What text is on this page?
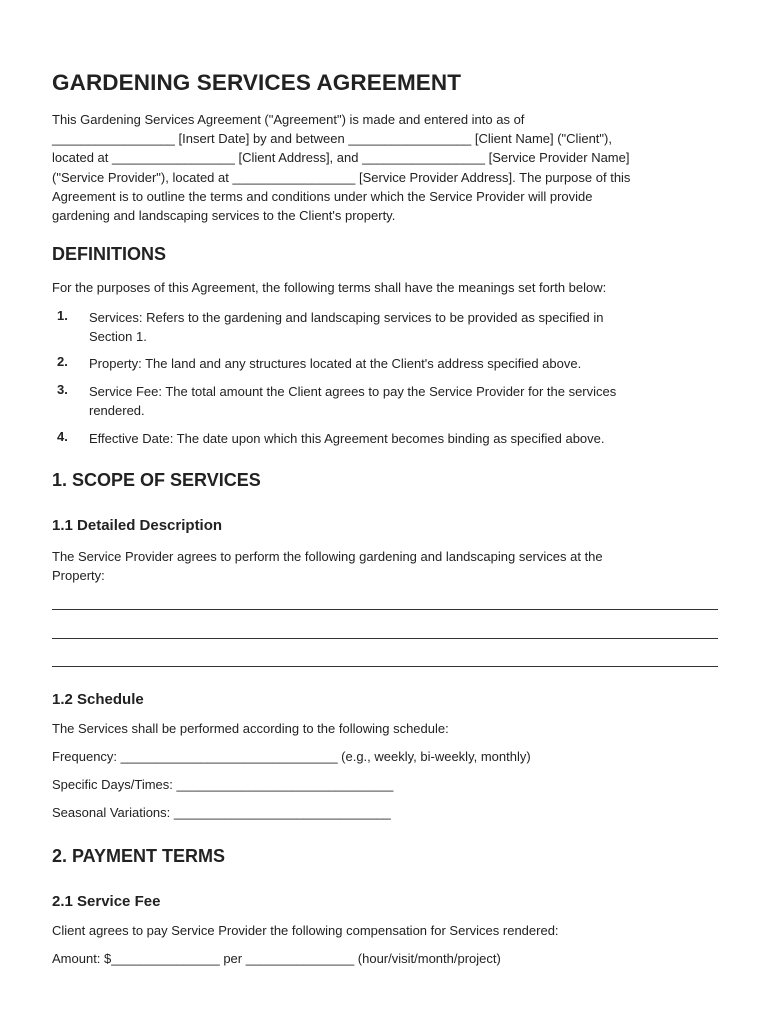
GARDENING SERVICES AGREEMENT

This Gardening Services Agreement ("Agreement") is made and entered into as of
_________________ [Insert Date] by and between _________________ [Client Name] ("Client"),
located at _________________ [Client Address], and _________________ [Service Provider Name]
("Service Provider"), located at _________________ [Service Provider Address]. The purpose of this
Agreement is to outline the terms and conditions under which the Service Provider will provide
gardening and landscaping services to the Client's property.

DEFINITIONS
For the purposes of this Agreement, the following terms shall have the meanings set forth below:
1. Services: Refers to the gardening and landscaping services to be provided as specified in
Section 1.
2. Property: The land and any structures located at the Client's address specified above.
3. Service Fee: The total amount the Client agrees to pay the Service Provider for the services
rendered.
4. Effective Date: The date upon which this Agreement becomes binding as specified above.
1. SCOPE OF SERVICES
1.1 Detailed Description

The Service Provider agrees to perform the following gardening and landscaping services at the
Property:

1.2 Schedule
The Services shall be performed according to the following schedule:
Frequency: ______________________________ (e.g., weekly, bi-weekly, monthly)
Specific Days/Times: ______________________________
Seasonal Variations: ______________________________
2. PAYMENT TERMS
2.1 Service Fee
Client agrees to pay Service Provider the following compensation for Services rendered:
Amount: $_______________ per _______________ (hour/visit/month/project)
